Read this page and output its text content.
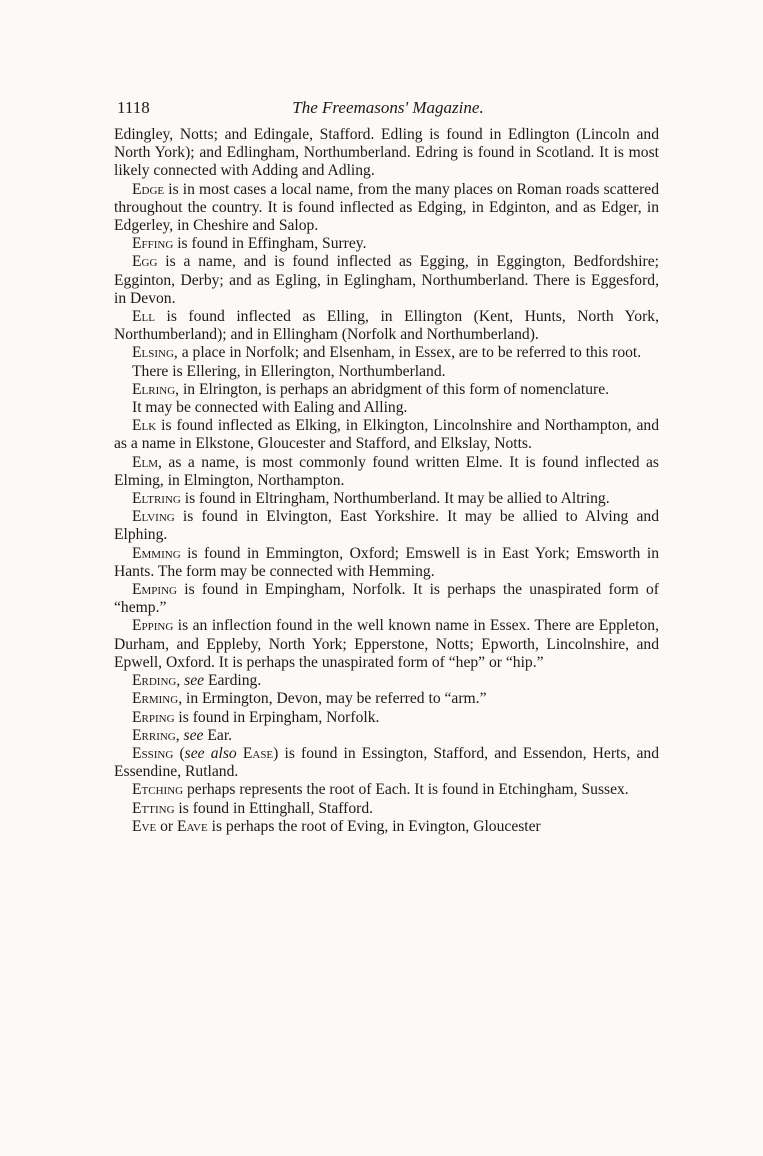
1118	The Freemasons' Magazine.

Edingley, Notts; and Edingale, Stafford. Edling is found in Edlington (Lincoln and North York); and Edlingham, Northumberland. Edring is found in Scotland. It is most likely connected with Adding and Adling.

Edge is in most cases a local name, from the many places on Roman roads scattered throughout the country. It is found inflected as Edging, in Edginton, and as Edger, in Edgerley, in Cheshire and Salop.

Effing is found in Effingham, Surrey.

Egg is a name, and is found inflected as Egging, in Eggington, Bedfordshire; Egginton, Derby; and as Egling, in Eglingham, Northumberland. There is Eggesford, in Devon.

Ell is found inflected as Elling, in Ellington (Kent, Hunts, North York, Northumberland); and in Ellingham (Norfolk and Northumberland).

Elsing, a place in Norfolk; and Elsenham, in Essex, are to be referred to this root.

There is Ellering, in Ellerington, Northumberland.

Elring, in Elrington, is perhaps an abridgment of this form of nomenclature.

It may be connected with Ealing and Alling.

Elk is found inflected as Elking, in Elkington, Lincolnshire and Northampton, and as a name in Elkstone, Gloucester and Stafford, and Elkslay, Notts.

Elm, as a name, is most commonly found written Elme. It is found inflected as Elming, in Elmington, Northampton.

Eltring is found in Eltringham, Northumberland. It may be allied to Altring.

Elving is found in Elvington, East Yorkshire. It may be allied to Alving and Elphing.

Emming is found in Emmington, Oxford; Emswell is in East York; Emsworth in Hants. The form may be connected with Hemming.

Emping is found in Empingham, Norfolk. It is perhaps the unaspirated form of “hemp.”

Epping is an inflection found in the well known name in Essex. There are Eppleton, Durham, and Eppleby, North York; Epperstone, Notts; Epworth, Lincolnshire, and Epwell, Oxford. It is perhaps the unaspirated form of “hep” or “hip.”

Erding, see Earding.

Erming, in Ermington, Devon, may be referred to “arm.”

Erping is found in Erpingham, Norfolk.

Erring, see Ear.

Essing (see also Ease) is found in Essington, Stafford, and Essendon, Herts, and Essendine, Rutland.

Etching perhaps represents the root of Each. It is found in Etchingham, Sussex.

Etting is found in Ettinghall, Stafford.

Eve or Eave is perhaps the root of Eving, in Evington, Gloucester
